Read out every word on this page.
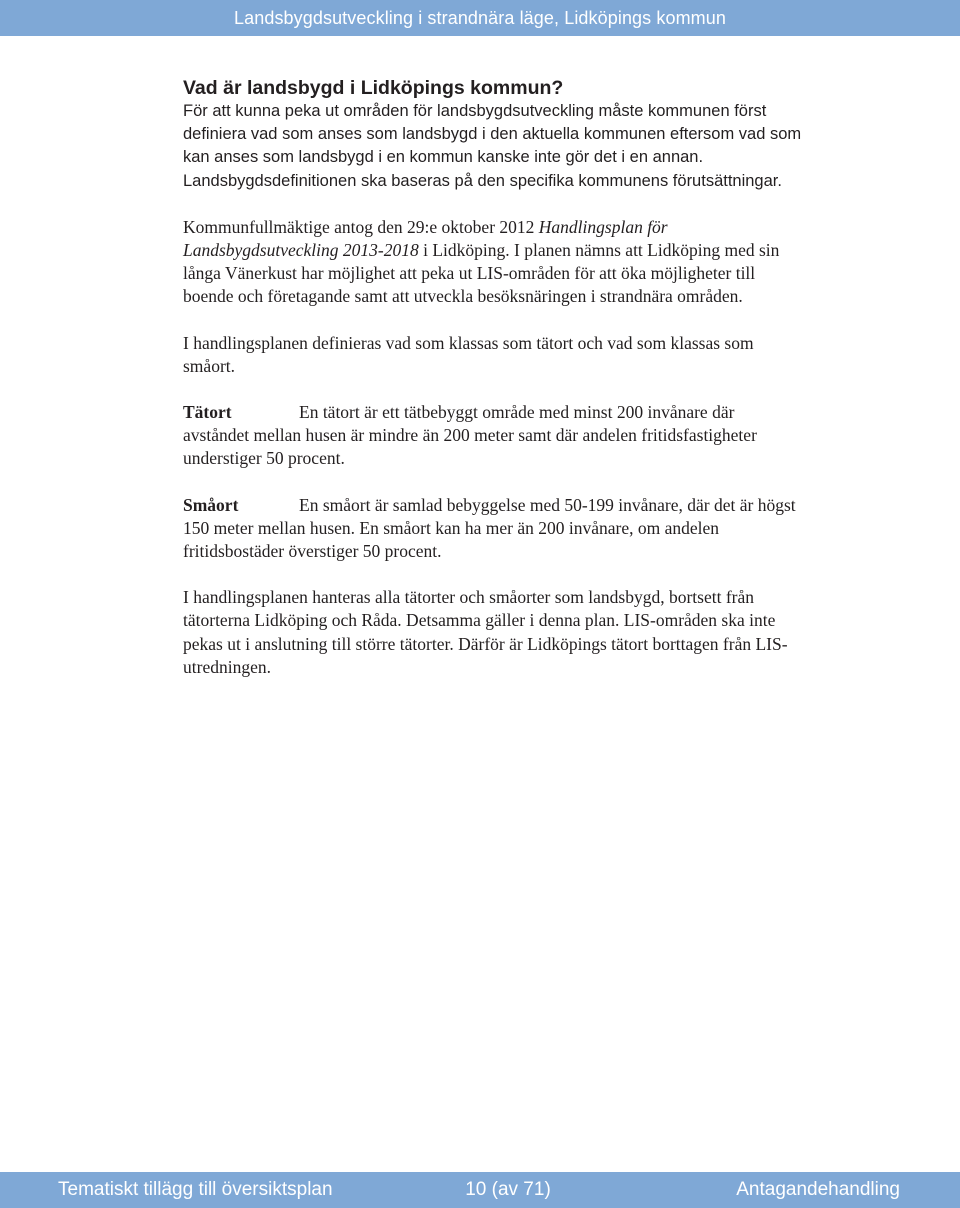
Landsbygdsutveckling i strandnära läge, Lidköpings kommun
Vad är landsbygd i Lidköpings kommun?

För att kunna peka ut områden för landsbygdsutveckling måste kommunen först definiera vad som anses som landsbygd i den aktuella kommunen eftersom vad som kan anses som landsbygd i en kommun kanske inte gör det i en annan. Landsbygdsdefinitionen ska baseras på den specifika kommunens förutsättningar.

Kommunfullmäktige antog den 29:e oktober 2012 Handlingsplan för Landsbygdsutveckling 2013-2018 i Lidköping. I planen nämns att Lidköping med sin långa Vänerkust har möjlighet att peka ut LIS-områden för att öka möjligheter till boende och företagande samt att utveckla besöksnäringen i strandnära områden.

I handlingsplanen definieras vad som klassas som tätort och vad som klassas som småort.

Tätort	En tätort är ett tätbebyggt område med minst 200 invånare där avståndet mellan husen är mindre än 200 meter samt där andelen fritidsfastigheter understiger 50 procent.

Småort	En småort är samlad bebyggelse med 50-199 invånare, där det är högst 150 meter mellan husen. En småort kan ha mer än 200 invånare, om andelen fritidsbostäder överstiger 50 procent.

I handlingsplanen hanteras alla tätorter och småorter som landsbygd, bortsett från tätorterna Lidköping och Råda. Detsamma gäller i denna plan. LIS-områden ska inte pekas ut i anslutning till större tätorter. Därför är Lidköpings tätort borttagen från LIS-utredningen.

Tematiskt tillägg till översiktsplan	10 (av 71)	Antagandehandling
